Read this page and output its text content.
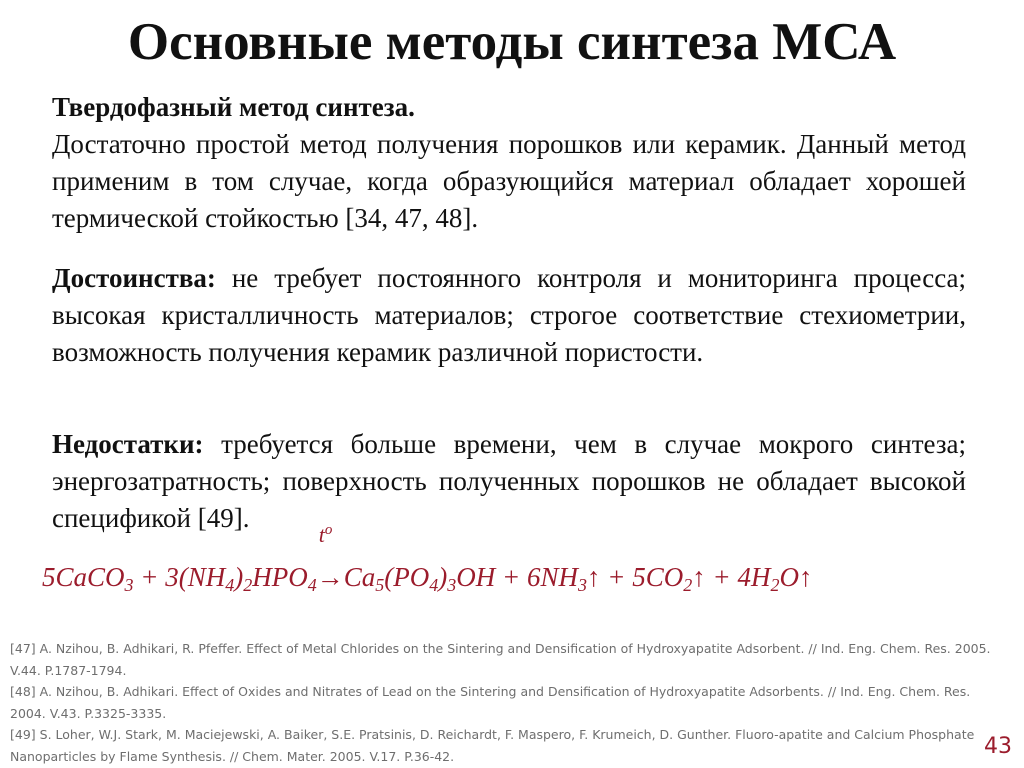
Основные методы синтеза МСА

Твердофазный метод синтеза.
Достаточно простой метод получения порошков или керамик. Данный метод применим в том случае, когда образующийся материал обладает хорошей термической стойкостью [34, 47, 48].

Достоинства: не требует постоянного контроля и мониторинга процесса; высокая кристалличность материалов; строгое соответствие стехиометрии, возможность получения керамик различной пористости.

Недостатки: требуется больше времени, чем в случае мокрого синтеза; энергозатратность; поверхность полученных порошков не обладает высокой спецификой [49].

5CaCO$_3$ + $3(NH_4)_2HPO_4$
$t^o$
$\to Ca_5(PO_4)_3OH$ + $6NH_3↑$ + $5CO_2↑$ + $4H_2O↑$
[47] A. Nzihou, B. Adhikari, R. Pfeffer. Effect of Metal Chlorides on the Sintering and Densification of Hydroxyapatite Adsorbent. // Ind. Eng. Chem. Res. 2005. V.44. P.1787-1794.
[48] A. Nzihou, B. Adhikari. Effect of Oxides and Nitrates of Lead on the Sintering and Densification of Hydroxyapatite Adsorbents. // Ind. Eng. Chem. Res. 2004. V.43. P.3325-3335.
[49] S. Loher, W.J. Stark, M. Maciejewski, A. Baiker, S.E. Pratsinis, D. Reichardt, F. Maspero, F. Krumeich, D. Gunther. Fluoro-apatite and Calcium Phosphate Nanoparticles by Flame Synthesis. // Chem. Mater. 2005. V.17. P.36-42.	43
